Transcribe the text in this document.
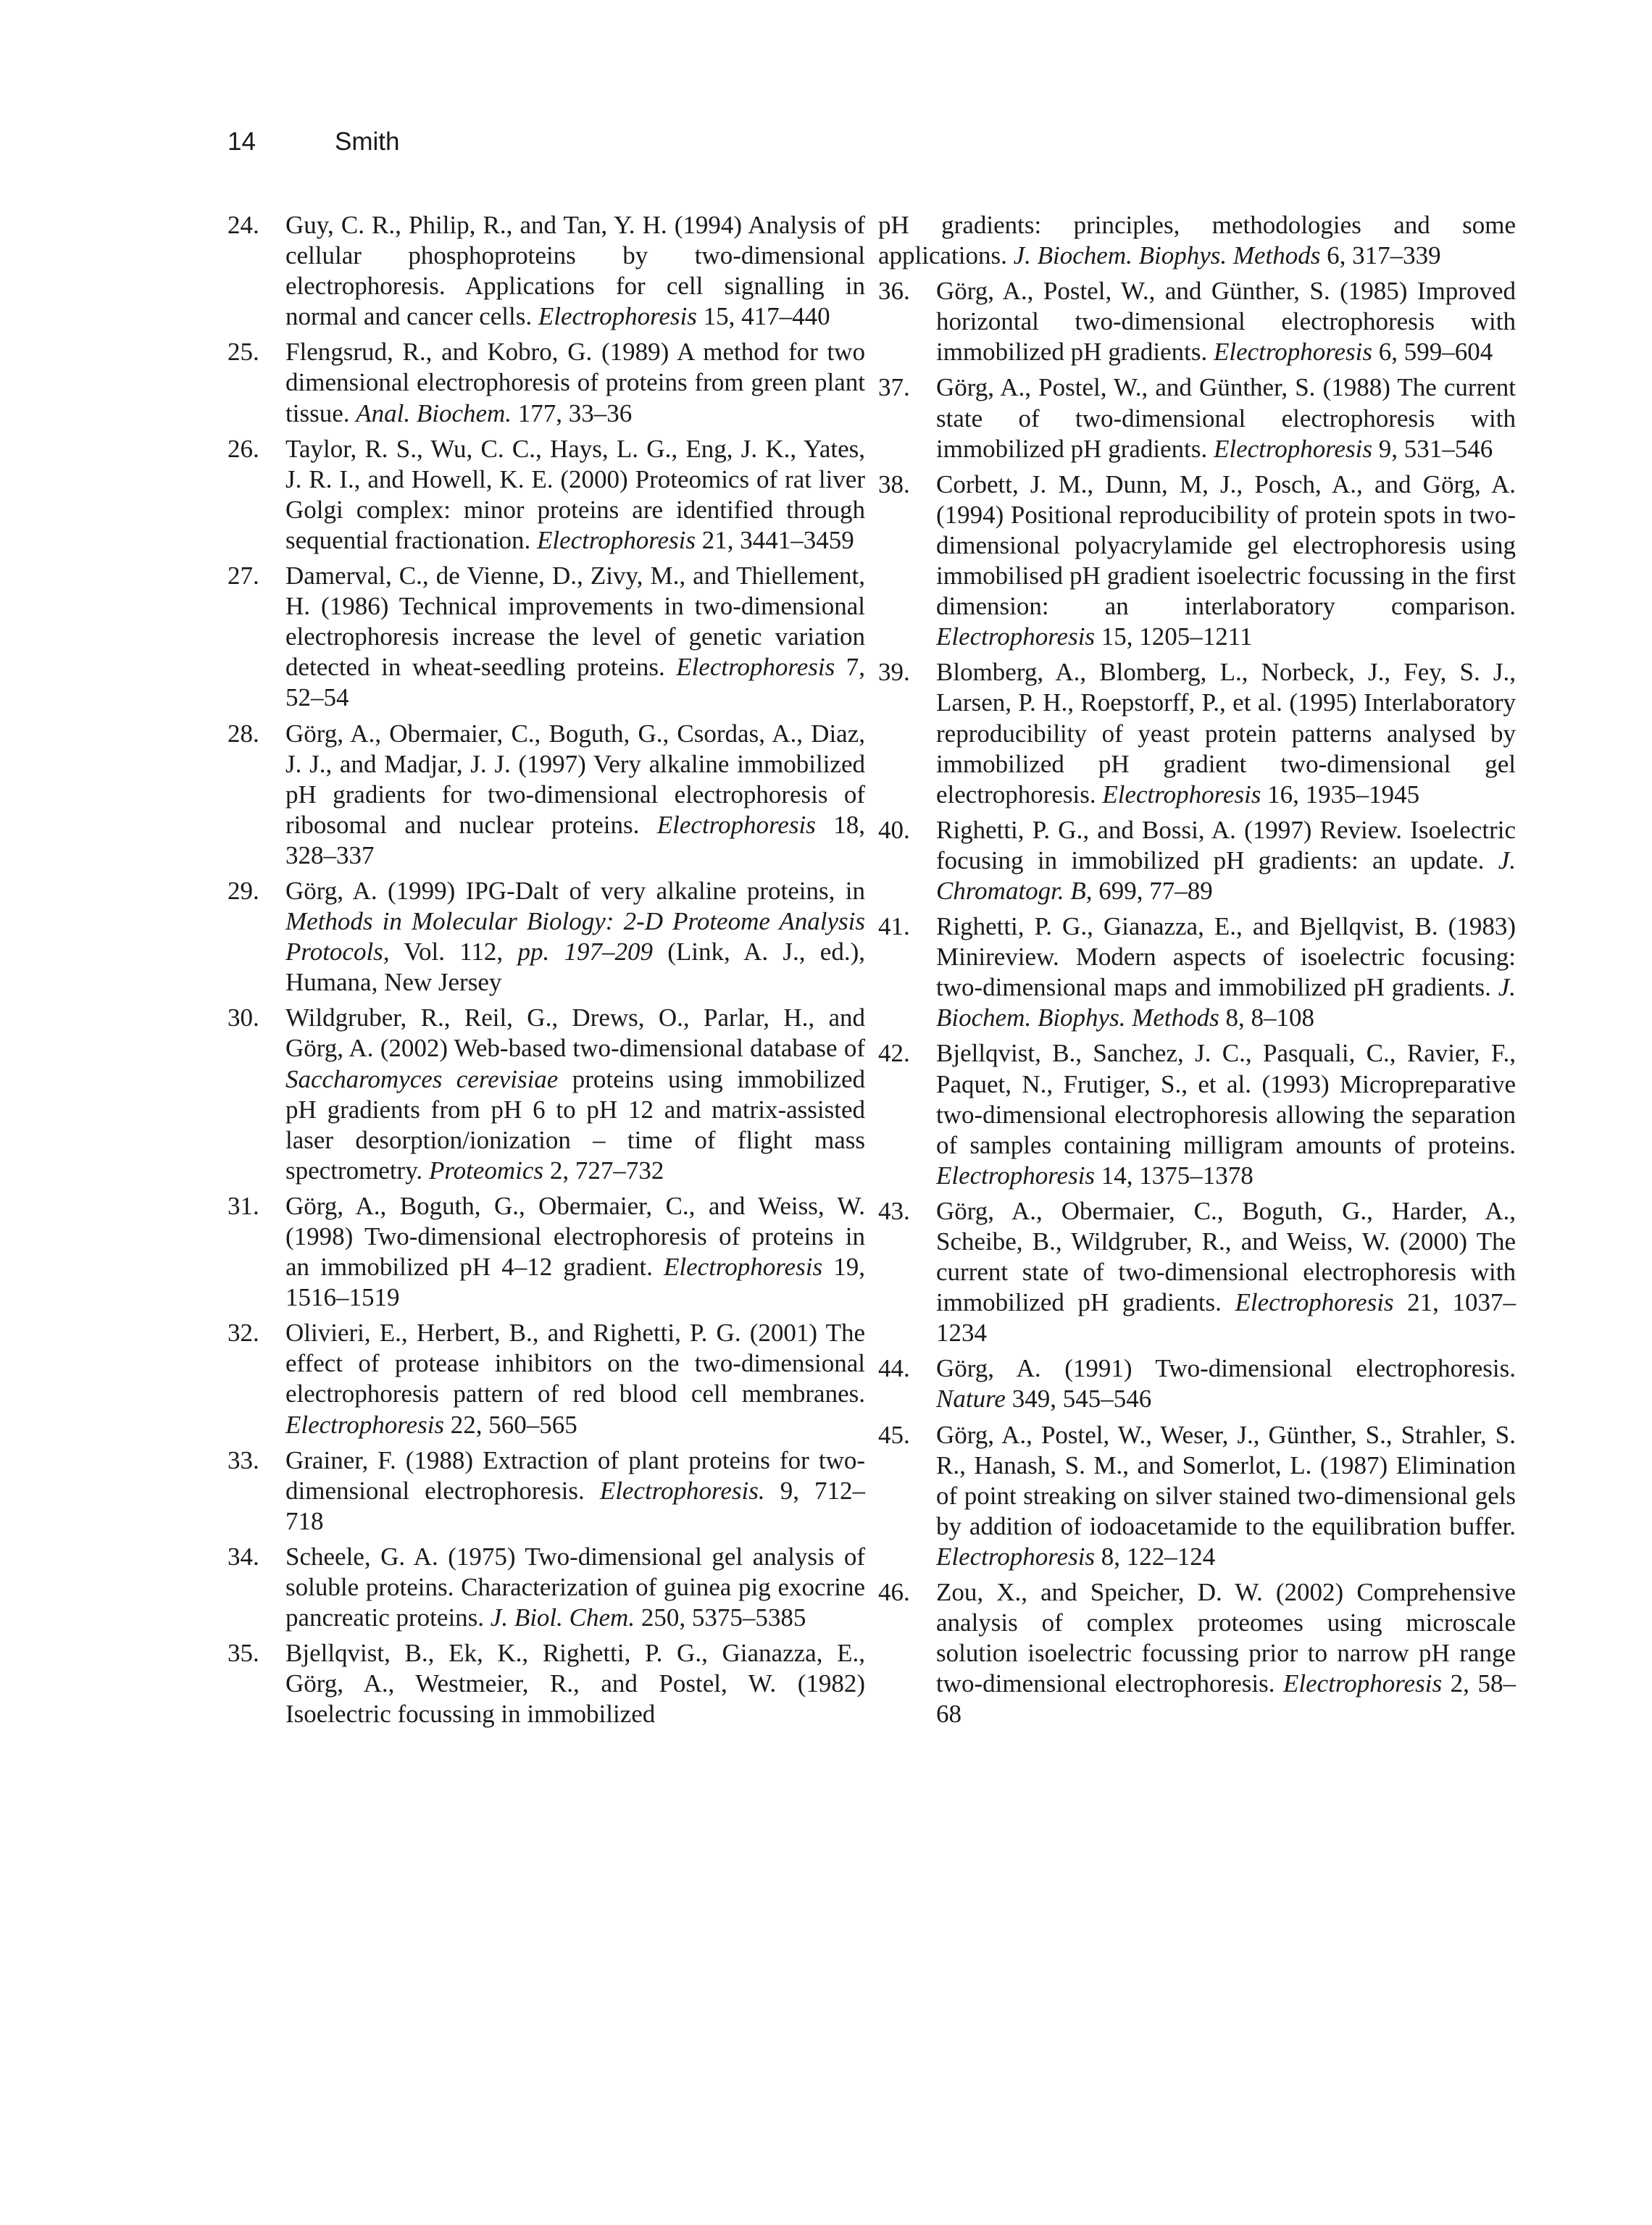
14	Smith
24.	Guy, C. R., Philip, R., and Tan, Y. H. (1994) Analysis of cellular phosphoproteins by two-dimensional electrophoresis. Applications for cell signalling in normal and cancer cells. Electrophoresis 15, 417–440
25.	Flengsrud, R., and Kobro, G. (1989) A method for two dimensional electrophoresis of proteins from green plant tissue. Anal. Biochem. 177, 33–36
26.	Taylor, R. S., Wu, C. C., Hays, L. G., Eng, J. K., Yates, J. R. I., and Howell, K. E. (2000) Proteomics of rat liver Golgi complex: minor proteins are identified through sequential fractionation. Electrophoresis 21, 3441–3459
27.	Damerval, C., de Vienne, D., Zivy, M., and Thiellement, H. (1986) Technical improvements in two-dimensional electrophoresis increase the level of genetic variation detected in wheat-seedling proteins. Electrophoresis 7, 52–54
28.	Görg, A., Obermaier, C., Boguth, G., Csordas, A., Diaz, J. J., and Madjar, J. J. (1997) Very alkaline immobilized pH gradients for two-dimensional electrophoresis of ribosomal and nuclear proteins. Electrophoresis 18, 328–337
29.	Görg, A. (1999) IPG-Dalt of very alkaline proteins, in Methods in Molecular Biology: 2-D Proteome Analysis Protocols, Vol. 112, pp. 197–209 (Link, A. J., ed.), Humana, New Jersey
30.	Wildgruber, R., Reil, G., Drews, O., Parlar, H., and Görg, A. (2002) Web-based two-dimensional database of Saccharomyces cerevisiae proteins using immobilized pH gradients from pH 6 to pH 12 and matrix-assisted laser desorption/ionization – time of flight mass spectrometry. Proteomics 2, 727–732
31.	Görg, A., Boguth, G., Obermaier, C., and Weiss, W. (1998) Two-dimensional electrophoresis of proteins in an immobilized pH 4–12 gradient. Electrophoresis 19, 1516–1519
32.	Olivieri, E., Herbert, B., and Righetti, P. G. (2001) The effect of protease inhibitors on the two-dimensional electrophoresis pattern of red blood cell membranes. Electrophoresis 22, 560–565
33.	Grainer, F. (1988) Extraction of plant proteins for two-dimensional electrophoresis. Electrophoresis. 9, 712–718
34.	Scheele, G. A. (1975) Two-dimensional gel analysis of soluble proteins. Characterization of guinea pig exocrine pancreatic proteins. J. Biol. Chem. 250, 5375–5385
35.	Bjellqvist, B., Ek, K., Righetti, P. G., Gianazza, E., Görg, A., Westmeier, R., and Postel, W. (1982) Isoelectric focussing in immobilized
pH gradients: principles, methodologies and some applications. J. Biochem. Biophys. Methods 6, 317–339
36.	Görg, A., Postel, W., and Günther, S. (1985) Improved horizontal two-dimensional electrophoresis with immobilized pH gradients. Electrophoresis 6, 599–604
37.	Görg, A., Postel, W., and Günther, S. (1988) The current state of two-dimensional electrophoresis with immobilized pH gradients. Electrophoresis 9, 531–546
38.	Corbett, J. M., Dunn, M, J., Posch, A., and Görg, A. (1994) Positional reproducibility of protein spots in two-dimensional polyacrylamide gel electrophoresis using immobilised pH gradient isoelectric focussing in the first dimension: an interlaboratory comparison. Electrophoresis 15, 1205–1211
39.	Blomberg, A., Blomberg, L., Norbeck, J., Fey, S. J., Larsen, P. H., Roepstorff, P., et al. (1995) Interlaboratory reproducibility of yeast protein patterns analysed by immobilized pH gradient two-dimensional gel electrophoresis. Electrophoresis 16, 1935–1945
40.	Righetti, P. G., and Bossi, A. (1997) Review. Isoelectric focusing in immobilized pH gradients: an update. J. Chromatogr. B, 699, 77–89
41.	Righetti, P. G., Gianazza, E., and Bjellqvist, B. (1983) Minireview. Modern aspects of isoelectric focusing: two-dimensional maps and immobilized pH gradients. J. Biochem. Biophys. Methods 8, 8–108
42.	Bjellqvist, B., Sanchez, J. C., Pasquali, C., Ravier, F., Paquet, N., Frutiger, S., et al. (1993) Micropreparative two-dimensional electrophoresis allowing the separation of samples containing milligram amounts of proteins. Electrophoresis 14, 1375–1378
43.	Görg, A., Obermaier, C., Boguth, G., Harder, A., Scheibe, B., Wildgruber, R., and Weiss, W. (2000) The current state of two-dimensional electrophoresis with immobilized pH gradients. Electrophoresis 21, 1037–1234
44.	Görg, A. (1991) Two-dimensional electrophoresis. Nature 349, 545–546
45.	Görg, A., Postel, W., Weser, J., Günther, S., Strahler, S. R., Hanash, S. M., and Somerlot, L. (1987) Elimination of point streaking on silver stained two-dimensional gels by addition of iodoacetamide to the equilibration buffer. Electrophoresis 8, 122–124
46.	Zou, X., and Speicher, D. W. (2002) Comprehensive analysis of complex proteomes using microscale solution isoelectric focussing prior to narrow pH range two-dimensional electrophoresis. Electrophoresis 2, 58–68
